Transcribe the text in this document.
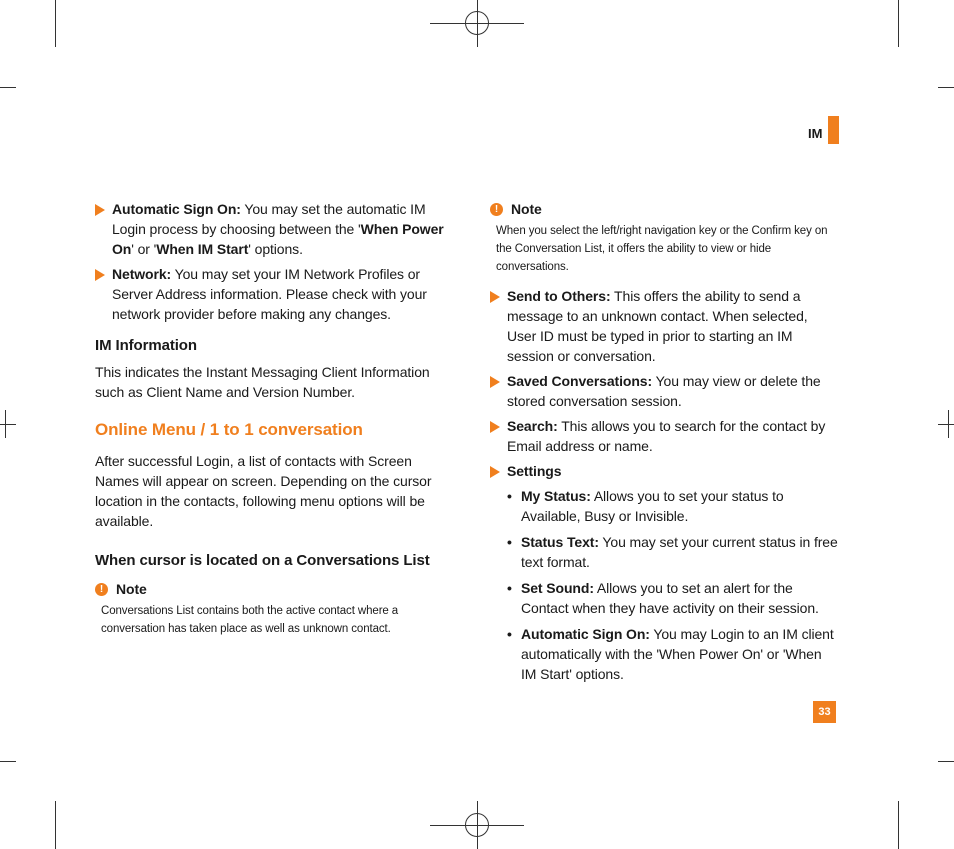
IM
Automatic Sign On: You may set the automatic IM Login process by choosing between the 'When Power On' or 'When IM Start' options.
Network: You may set your IM Network Profiles or Server Address information. Please check with your network provider before making any changes.
IM Information
This indicates the Instant Messaging Client Information such as Client Name and Version Number.
Online Menu / 1 to 1 conversation
After successful Login, a list of contacts with Screen Names will appear on screen. Depending on the cursor location in the contacts, following menu options will be available.
When cursor is located on a Conversations List
! Note
Conversations List contains both the active contact where a conversation has taken place as well as unknown contact.
! Note
When you select the left/right navigation key or the Confirm key on the Conversation List, it offers the ability to view or hide conversations.
Send to Others: This offers the ability to send a message to an unknown contact. When selected, User ID must be typed in prior to starting an IM session or conversation.
Saved Conversations: You may view or delete the stored conversation session.
Search: This allows you to search for the contact by Email address or name.
Settings
• My Status: Allows you to set your status to Available, Busy or Invisible.
• Status Text: You may set your current status in free text format.
• Set Sound: Allows you to set an alert for the Contact when they have activity on their session.
• Automatic Sign On: You may Login to an IM client automatically with the 'When Power On' or 'When IM Start' options.
33
